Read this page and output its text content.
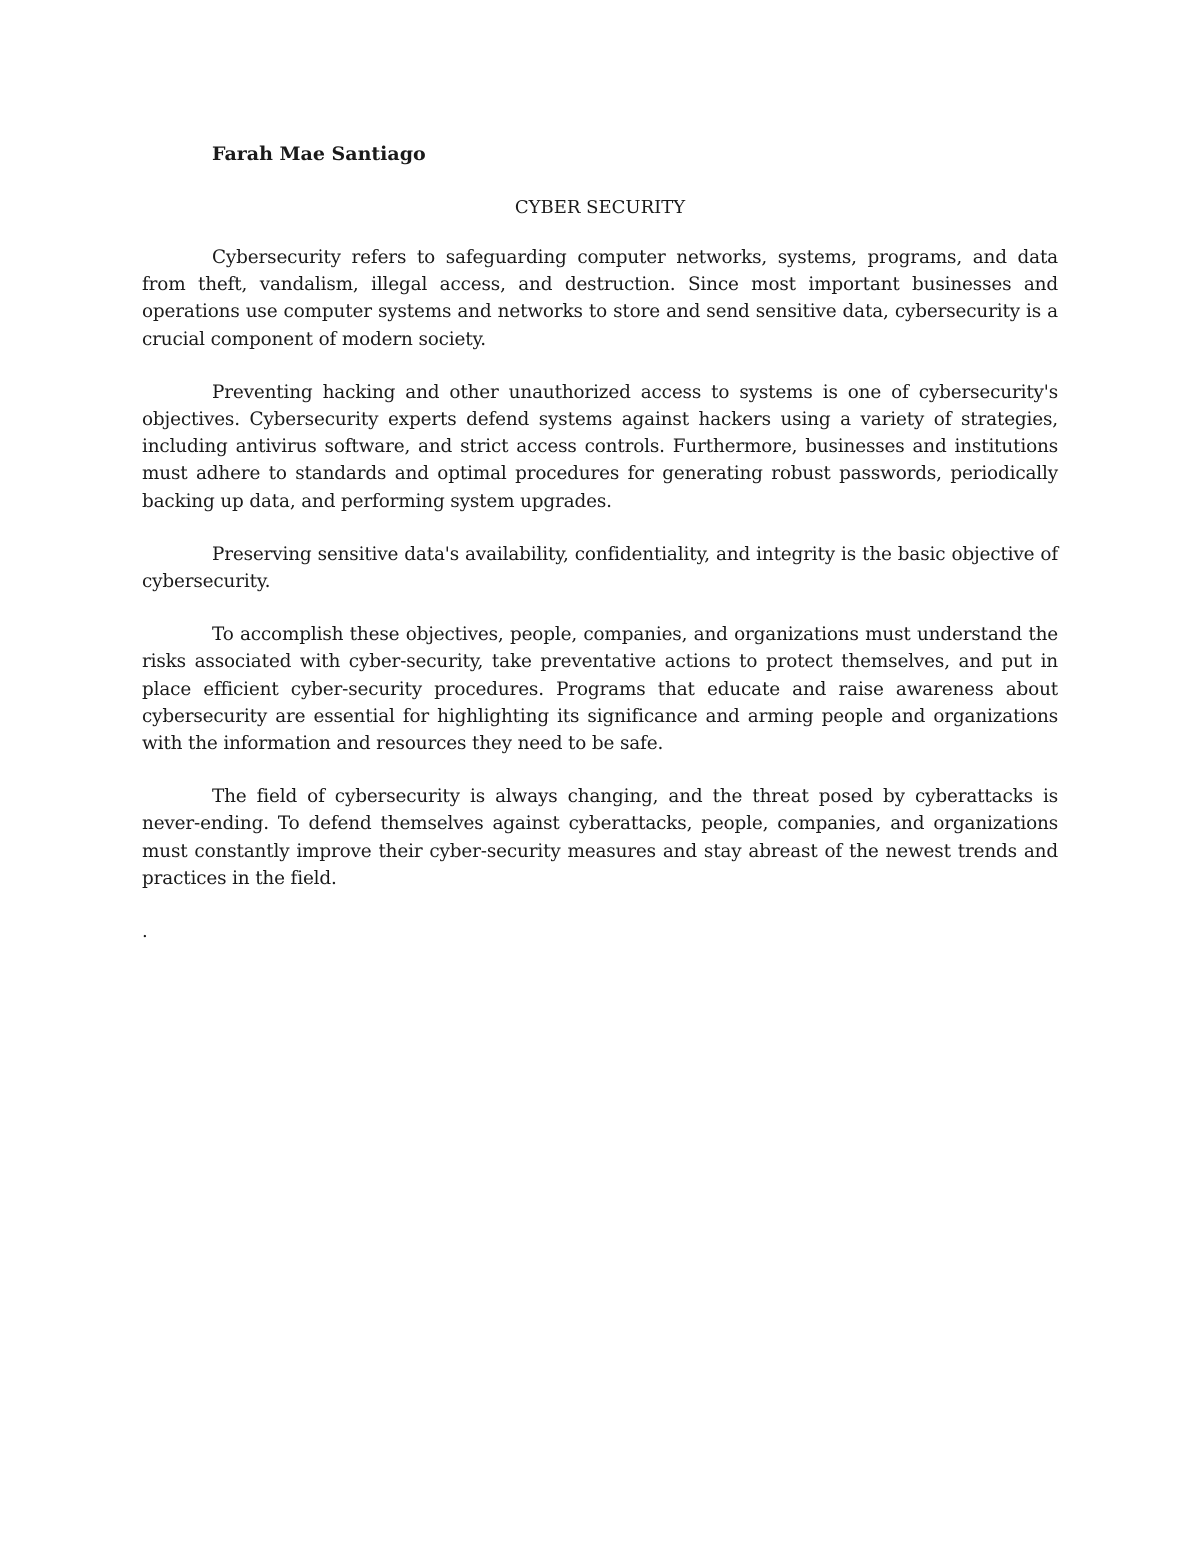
Farah Mae Santiago

CYBER SECURITY

Cybersecurity refers to safeguarding computer networks, systems, programs, and data from theft, vandalism, illegal access, and destruction. Since most important businesses and operations use computer systems and networks to store and send sensitive data, cybersecurity is a crucial component of modern society.

Preventing hacking and other unauthorized access to systems is one of cybersecurity's objectives. Cybersecurity experts defend systems against hackers using a variety of strategies, including antivirus software, and strict access controls. Furthermore, businesses and institutions must adhere to standards and optimal procedures for generating robust passwords, periodically backing up data, and performing system upgrades.

Preserving sensitive data's availability, confidentiality, and integrity is the basic objective of cybersecurity.

To accomplish these objectives, people, companies, and organizations must understand the risks associated with cyber-security, take preventative actions to protect themselves, and put in place efficient cyber-security procedures. Programs that educate and raise awareness about cybersecurity are essential for highlighting its significance and arming people and organizations with the information and resources they need to be safe.

The field of cybersecurity is always changing, and the threat posed by cyberattacks is never-ending. To defend themselves against cyberattacks, people, companies, and organizations must constantly improve their cyber-security measures and stay abreast of the newest trends and practices in the field.

.
